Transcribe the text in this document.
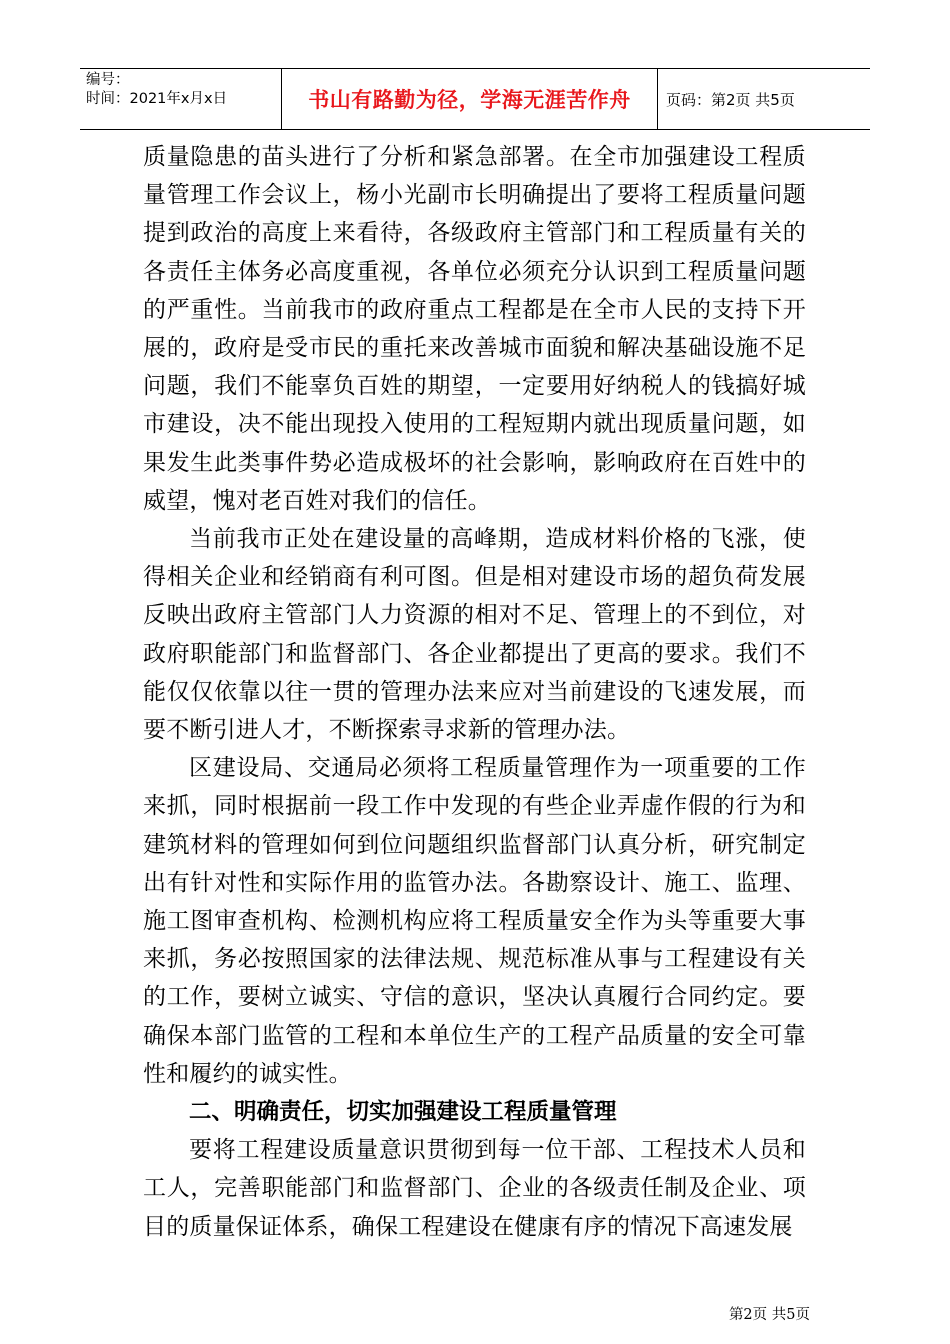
编号：
时间：2021年x月x日	书山有路勤为径，学海无涯苦作舟	页码：第2页 共5页

质量隐患的苗头进行了分析和紧急部署。在全市加强建设工程质量管理工作会议上，杨小光副市长明确提出了要将工程质量问题提到政治的高度上来看待，各级政府主管部门和工程质量有关的各责任主体务必高度重视，各单位必须充分认识到工程质量问题的严重性。当前我市的政府重点工程都是在全市人民的支持下开展的，政府是受市民的重托来改善城市面貌和解决基础设施不足问题，我们不能辜负百姓的期望，一定要用好纳税人的钱搞好城市建设，决不能出现投入使用的工程短期内就出现质量问题，如果发生此类事件势必造成极坏的社会影响，影响政府在百姓中的威望，愧对老百姓对我们的信任。

当前我市正处在建设量的高峰期，造成材料价格的飞涨，使得相关企业和经销商有利可图。但是相对建设市场的超负荷发展反映出政府主管部门人力资源的相对不足、管理上的不到位，对政府职能部门和监督部门、各企业都提出了更高的要求。我们不能仅仅依靠以往一贯的管理办法来应对当前建设的飞速发展，而要不断引进人才，不断探索寻求新的管理办法。

区建设局、交通局必须将工程质量管理作为一项重要的工作来抓，同时根据前一段工作中发现的有些企业弄虚作假的行为和建筑材料的管理如何到位问题组织监督部门认真分析，研究制定出有针对性和实际作用的监管办法。各勘察设计、施工、监理、施工图审查机构、检测机构应将工程质量安全作为头等重要大事来抓，务必按照国家的法律法规、规范标准从事与工程建设有关的工作，要树立诚实、守信的意识，坚决认真履行合同约定。要确保本部门监管的工程和本单位生产的工程产品质量的安全可靠性和履约的诚实性。

二、明确责任，切实加强建设工程质量管理

要将工程建设质量意识贯彻到每一位干部、工程技术人员和工人，完善职能部门和监督部门、企业的各级责任制及企业、项目的质量保证体系，确保工程建设在健康有序的情况下高速发展

第2页 共5页
